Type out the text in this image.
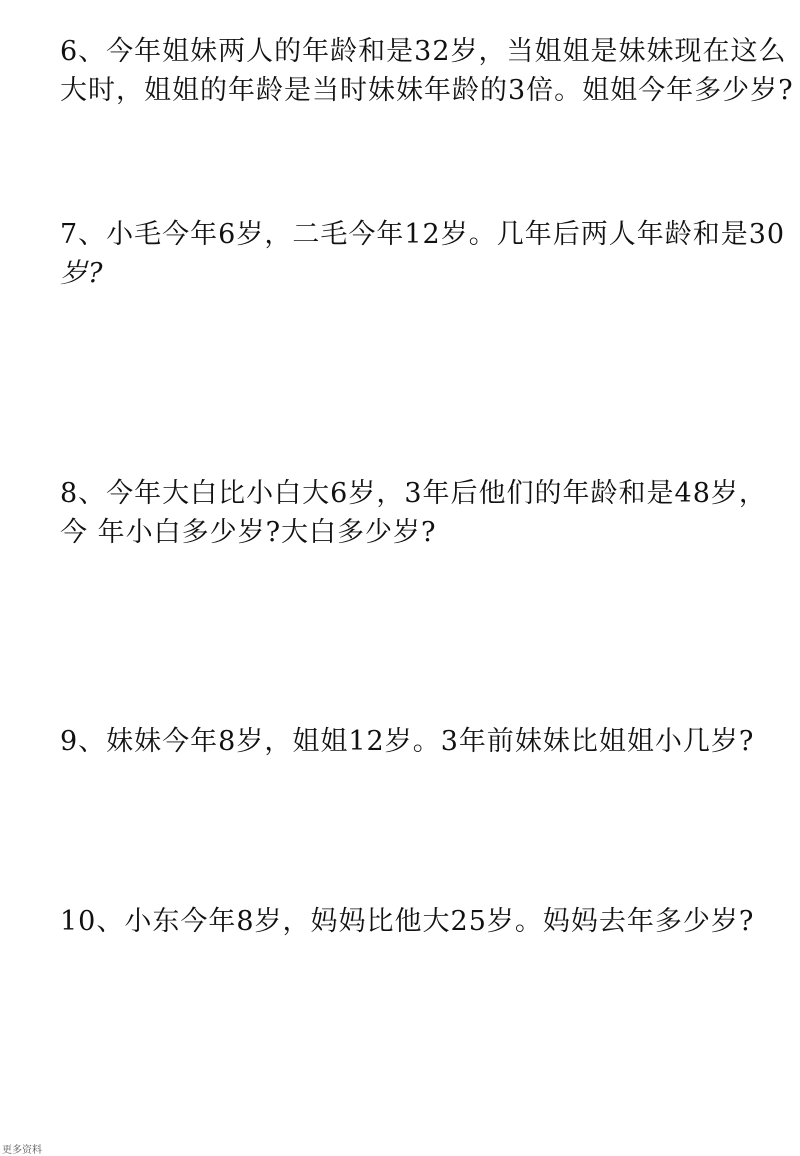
6、今年姐妹两人的年龄和是32岁，当姐姐是妹妹现在这么
大时，姐姐的年龄是当时妹妹年龄的3倍。姐姐今年多少岁?
7、小毛今年6岁，二毛今年12岁。几年后两人年龄和是30
岁?
8、今年大白比小白大6岁，3年后他们的年龄和是48岁，
今 年小白多少岁?大白多少岁?
9、妹妹今年8岁，姐姐12岁。3年前妹妹比姐姐小几岁?
10、小东今年8岁，妈妈比他大25岁。妈妈去年多少岁?
更多资料
